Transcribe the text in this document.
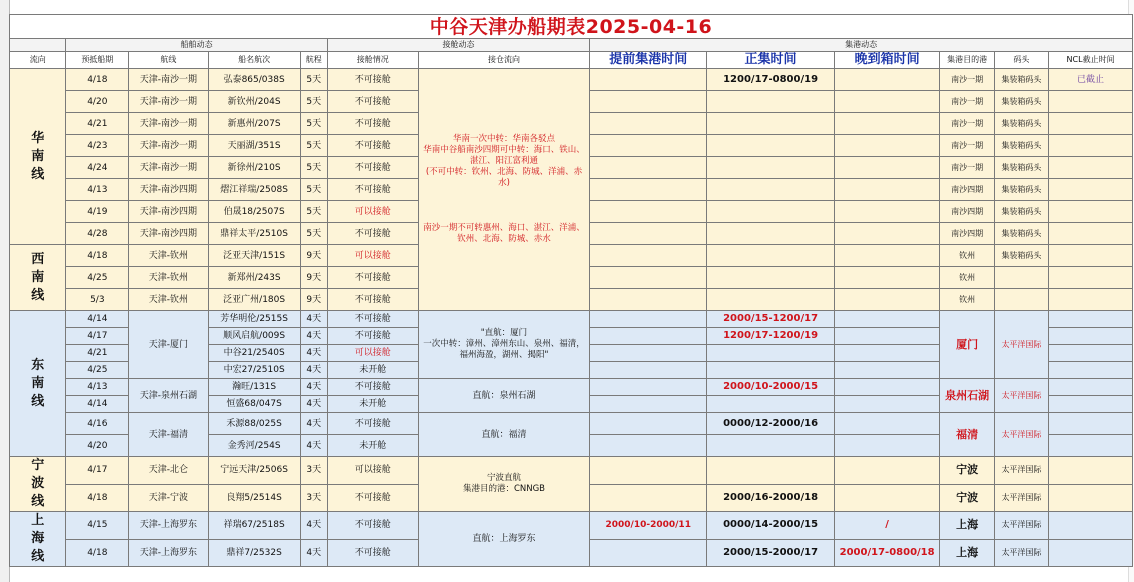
中谷天津办船期表2025-04-16												
	船舶动态				接舱动态		集港动态					
流向	预抵船期	航线	船名航次	航程	接舱情况	接仓流向	提前集港时间	正集时间	晚到箱时间	集港目的港	码头	NCL截止时间
华南线	4/18	天津-南沙一期	弘泰865/038S	5天	不可接舱	华南一次中转：华南各驳点
华南中谷船南沙四期可中转：海口、铁山、湛江、阳江富利通
(不可中转：钦州、北海、防城、洋浦、赤水)
南沙一期不可转惠州、海口、湛江、洋浦、钦州、北海、防城、赤水		1200/17-0800/19		南沙一期	集装箱码头	已截止
	4/20	天津-南沙一期	新钦州/204S	5天	不可接舱					南沙一期	集装箱码头	
	4/21	天津-南沙一期	新惠州/207S	5天	不可接舱					南沙一期	集装箱码头	
	4/23	天津-南沙一期	天丽湖/351S	5天	不可接舱					南沙一期	集装箱码头	
	4/24	天津-南沙一期	新徐州/210S	5天	不可接舱					南沙一期	集装箱码头	
	4/13	天津-南沙四期	熠江祥瑞/2508S	5天	不可接舱					南沙四期	集装箱码头	
	4/19	天津-南沙四期	伯晟18/2507S	5天	可以接舱					南沙四期	集装箱码头	
	4/28	天津-南沙四期	鼎祥太平/2510S	5天	不可接舱					南沙四期	集装箱码头	
西南线	4/18	天津-钦州	泛亚天津/151S	9天	可以接舱					钦州	集装箱码头	
	4/25	天津-钦州	新郑州/243S	9天	不可接舱					钦州		
	5/3	天津-钦州	泛亚广州/180S	9天	不可接舱					钦州		
东南线	4/14	天津-厦门	芳华明伦/2515S	4天	不可接舱	"直航：厦门
一次中转：漳州、漳州东山、泉州、福清，福州海盈，湖州、揭阳"		2000/15-1200/17		厦门	太平洋国际	
	4/17		顺风启航/009S	4天	不可接舱			1200/17-1200/19				
	4/21		中谷21/2540S	4天	可以接舱							
	4/25		中宏27/2510S	4天	未开舱							
	4/13	天津-泉州石湖	瀚旺/131S	4天	不可接舱	直航：泉州石湖		2000/10-2000/15		泉州石湖	太平洋国际	
	4/14		恒盛68/047S	4天	未开舱							
	4/16	天津-福清	禾源88/025S	4天	不可接舱	直航：福清		0000/12-2000/16		福清	太平洋国际	
	4/20		金秀河/254S	4天	未开舱							
宁波线	4/17	天津-北仑	宁远天津/2506S	3天	可以接舱	宁波直航
集港目的港：CNNGB				宁波	太平洋国际	
	4/18	天津-宁波	良翔5/2514S	3天	不可接舱			2000/16-2000/18		宁波	太平洋国际	
上海线	4/15	天津-上海罗东	祥瑞67/2518S	4天	不可接舱	直航：上海罗东	2000/10-2000/11	0000/14-2000/15	/	上海	太平洋国际	
	4/18	天津-上海罗东	鼎祥7/2532S	4天	不可接舱			2000/15-2000/17	2000/17-0800/18	上海	太平洋国际	
